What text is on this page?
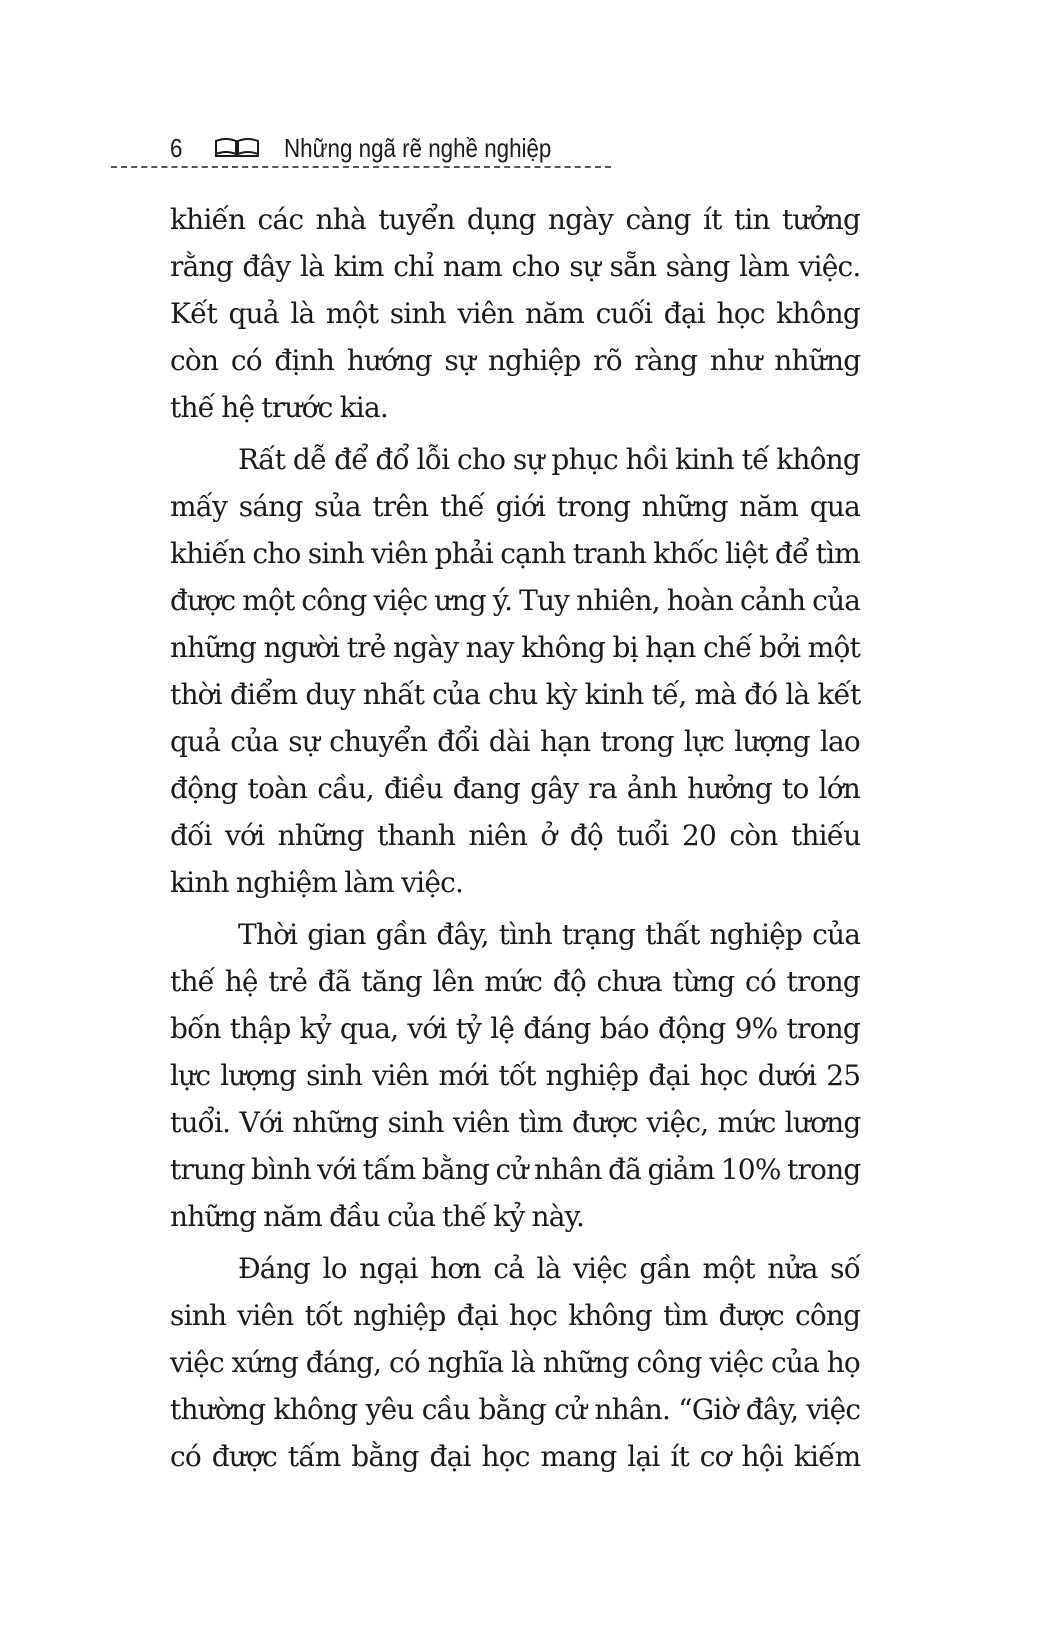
6	Những ngã rẽ nghề nghiệp
khiến các nhà tuyển dụng ngày càng ít tin tưởng
rằng đây là kim chỉ nam cho sự sẵn sàng làm việc.
Kết quả là một sinh viên năm cuối đại học không
còn có định hướng sự nghiệp rõ ràng như những
thế hệ trước kia.
Rất dễ để đổ lỗi cho sự phục hồi kinh tế không
mấy sáng sủa trên thế giới trong những năm qua
khiến cho sinh viên phải cạnh tranh khốc liệt để tìm
được một công việc ưng ý. Tuy nhiên, hoàn cảnh của
những người trẻ ngày nay không bị hạn chế bởi một
thời điểm duy nhất của chu kỳ kinh tế, mà đó là kết
quả của sự chuyển đổi dài hạn trong lực lượng lao
động toàn cầu, điều đang gây ra ảnh hưởng to lớn
đối với những thanh niên ở độ tuổi 20 còn thiếu
kinh nghiệm làm việc.
Thời gian gần đây, tình trạng thất nghiệp của
thế hệ trẻ đã tăng lên mức độ chưa từng có trong
bốn thập kỷ qua, với tỷ lệ đáng báo động 9% trong
lực lượng sinh viên mới tốt nghiệp đại học dưới 25
tuổi. Với những sinh viên tìm được việc, mức lương
trung bình với tấm bằng cử nhân đã giảm 10% trong
những năm đầu của thế kỷ này.
Đáng lo ngại hơn cả là việc gần một nửa số
sinh viên tốt nghiệp đại học không tìm được công
việc xứng đáng, có nghĩa là những công việc của họ
thường không yêu cầu bằng cử nhân. “Giờ đây, việc
có được tấm bằng đại học mang lại ít cơ hội kiếm
